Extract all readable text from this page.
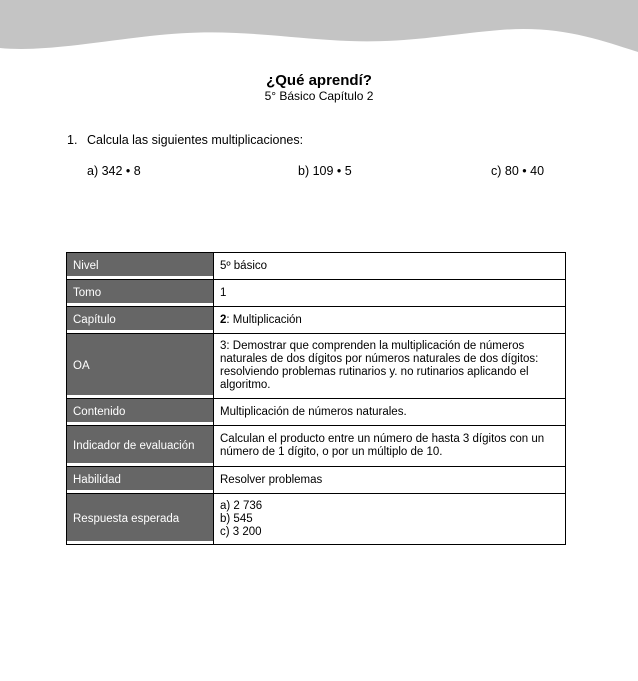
¿Qué aprendí?
5° Básico Capítulo 2
1. Calcula las siguientes multiplicaciones:
a) 342 • 8	b) 109 • 5	c) 80 • 40
Nivel	5º básico
Tomo	1
Capítulo	2: Multiplicación
OA	3: Demostrar que comprenden la multiplicación de números naturales de dos dígitos por números naturales de dos dígitos: resolviendo problemas rutinarios y. no rutinarios aplicando el algoritmo.
Contenido	Multiplicación de números naturales.
Indicador de evaluación	Calculan el producto entre un número de hasta 3 dígitos con un número de 1 dígito, o por un múltiplo de 10.
Habilidad	Resolver problemas
Respuesta esperada	a) 2 736
b) 545
c) 3 200
